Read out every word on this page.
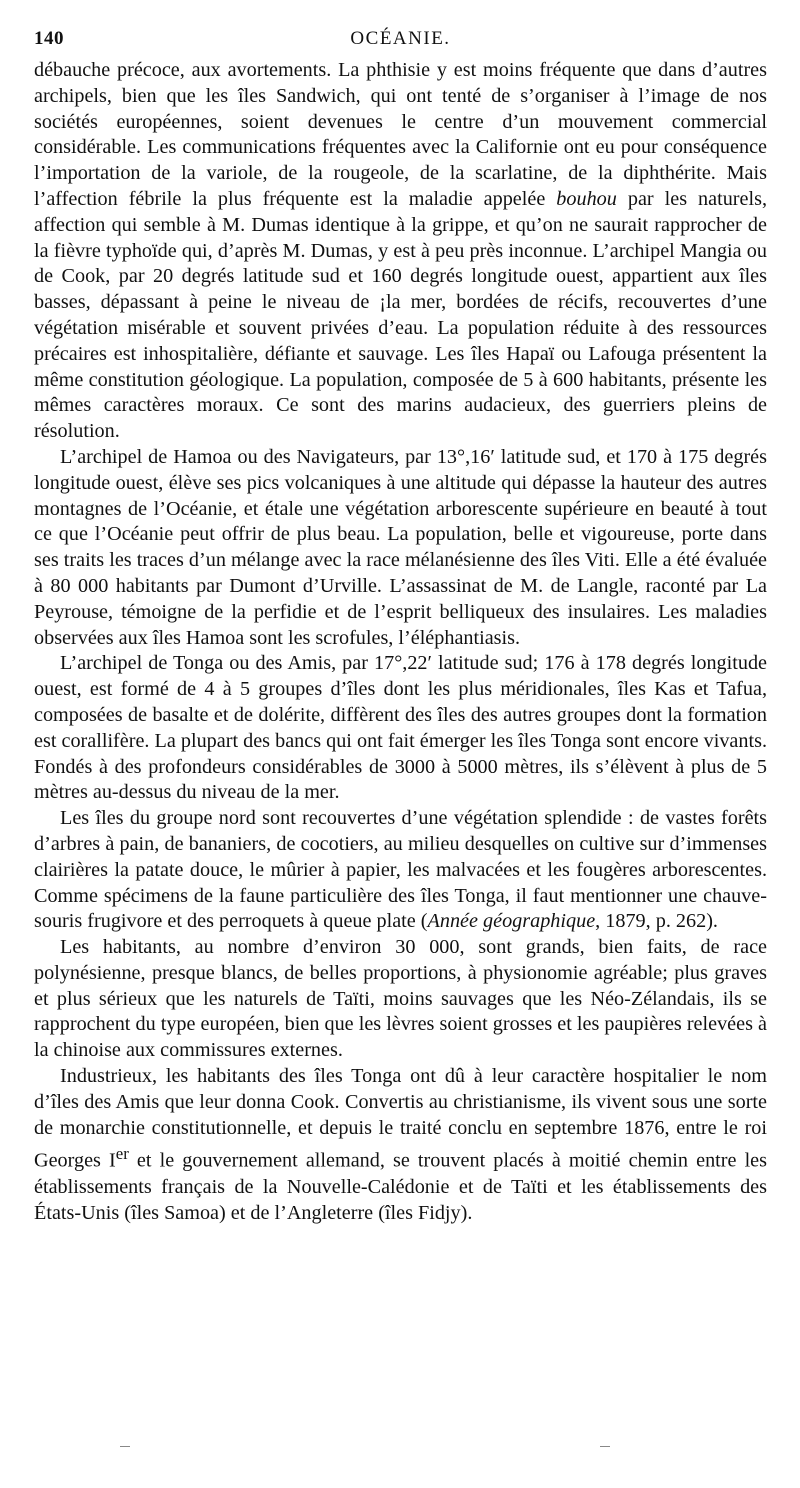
140	OCÉANIE.

débauche précoce, aux avortements. La phthisie y est moins fréquente que dans d’autres archipels, bien que les îles Sandwich, qui ont tenté de s’organiser à l’image de nos sociétés européennes, soient devenues le centre d’un mouvement commercial considérable. Les communications fréquentes avec la Californie ont eu pour conséquence l’importation de la variole, de la rougeole, de la scarlatine, de la diphthérite. Mais l’affection fébrile la plus fréquente est la maladie appelée bouhou par les naturels, affection qui semble à M. Dumas identique à la grippe, et qu’on ne saurait rapprocher de la fièvre typhoïde qui, d’après M. Dumas, y est à peu près inconnue. L’archipel Mangia ou de Cook, par 20 degrés latitude sud et 160 degrés longitude ouest, appartient aux îles basses, dépassant à peine le niveau de ¡la mer, bordées de récifs, recouvertes d’une végétation misérable et souvent privées d’eau. La population réduite à des ressources précaires est inhospitalière, défiante et sauvage. Les îles Hapaï ou Lafouga présentent la même constitution géologique. La population, composée de 5 à 600 habitants, présente les mêmes caractères moraux. Ce sont des marins audacieux, des guerriers pleins de résolution.

L’archipel de Hamoa ou des Navigateurs, par 13°,16′ latitude sud, et 170 à 175 degrés longitude ouest, élève ses pics volcaniques à une altitude qui dépasse la hauteur des autres montagnes de l’Océanie, et étale une végétation arborescente supérieure en beauté à tout ce que l’Océanie peut offrir de plus beau. La population, belle et vigoureuse, porte dans ses traits les traces d’un mélange avec la race mélanésienne des îles Viti. Elle a été évaluée à 80 000 habitants par Dumont d’Urville. L’assassinat de M. de Langle, raconté par La Peyrouse, témoigne de la perfidie et de l’esprit belliqueux des insulaires. Les maladies observées aux îles Hamoa sont les scrofules, l’éléphantiasis.

L’archipel de Tonga ou des Amis, par 17°,22′ latitude sud; 176 à 178 degrés longitude ouest, est formé de 4 à 5 groupes d’îles dont les plus méridionales, îles Kas et Tafua, composées de basalte et de dolérite, diffèrent des îles des autres groupes dont la formation est corallifère. La plupart des bancs qui ont fait émerger les îles Tonga sont encore vivants. Fondés à des profondeurs considérables de 3000 à 5000 mètres, ils s’élèvent à plus de 5 mètres au-dessus du niveau de la mer.

Les îles du groupe nord sont recouvertes d’une végétation splendide : de vastes forêts d’arbres à pain, de bananiers, de cocotiers, au milieu desquelles on cultive sur d’immenses clairières la patate douce, le mûrier à papier, les malvacées et les fougères arborescentes. Comme spécimens de la faune particulière des îles Tonga, il faut mentionner une chauve-souris frugivore et des perroquets à queue plate (Année géographique, 1879, p. 262).

Les habitants, au nombre d’environ 30 000, sont grands, bien faits, de race polynésienne, presque blancs, de belles proportions, à physionomie agréable; plus graves et plus sérieux que les naturels de Taïti, moins sauvages que les Néo-Zélandais, ils se rapprochent du type européen, bien que les lèvres soient grosses et les paupières relevées à la chinoise aux commissures externes.

Industrieux, les habitants des îles Tonga ont dû à leur caractère hospitalier le nom d’îles des Amis que leur donna Cook. Convertis au christianisme, ils vivent sous une sorte de monarchie constitutionnelle, et depuis le traité conclu en septembre 1876, entre le roi Georges Ier et le gouvernement allemand, se trouvent placés à moitié chemin entre les établissements français de la Nouvelle-Calédonie et de Taïti et les établissements des États-Unis (îles Samoa) et de l’Angleterre (îles Fidjy).
